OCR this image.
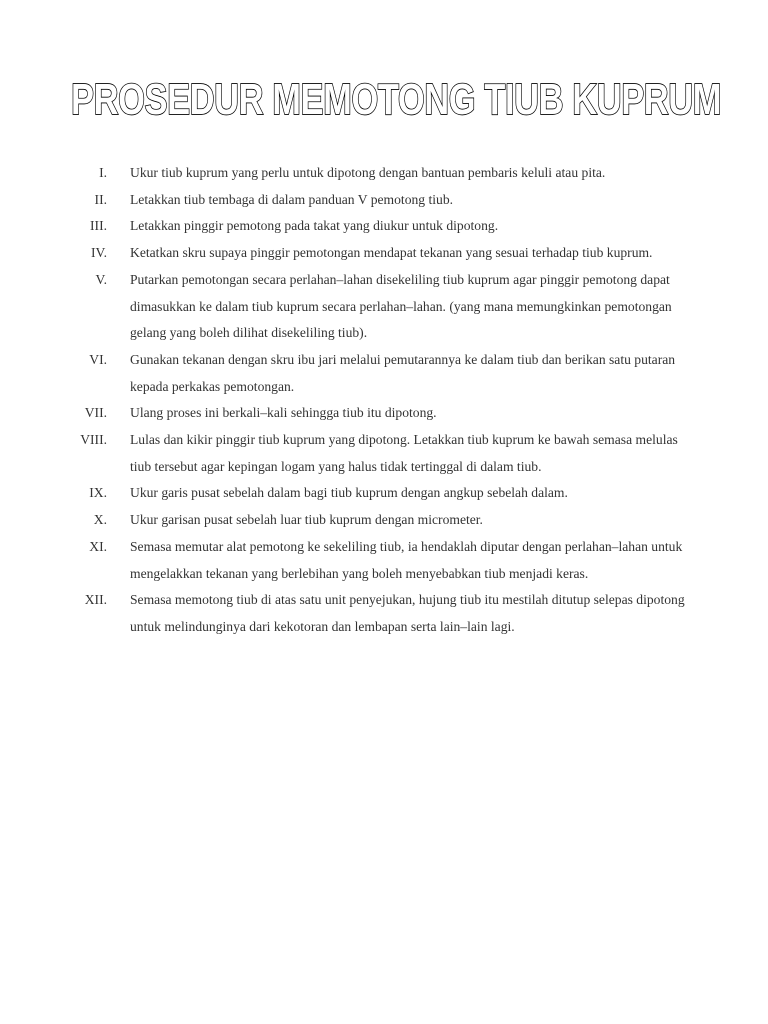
PROSEDUR MEMOTONG TIUB KUPRUM
I. Ukur tiub kuprum yang perlu untuk dipotong dengan bantuan pembaris keluli atau pita.
II. Letakkan tiub tembaga di dalam panduan V pemotong tiub.
III. Letakkan pinggir pemotong pada takat yang diukur untuk dipotong.
IV. Ketatkan skru supaya pinggir pemotongan mendapat tekanan yang sesuai terhadap tiub kuprum.
V. Putarkan pemotongan secara perlahan–lahan disekeliling tiub kuprum agar pinggir pemotong dapat dimasukkan ke dalam tiub kuprum secara perlahan–lahan. (yang mana memungkinkan pemotongan gelang yang boleh dilihat disekeliling tiub).
VI. Gunakan tekanan dengan skru ibu jari melalui pemutarannya ke dalam tiub dan berikan satu putaran kepada perkakas pemotongan.
VII. Ulang proses ini berkali–kali sehingga tiub itu dipotong.
VIII. Lulas dan kikir pinggir tiub kuprum yang dipotong. Letakkan tiub kuprum ke bawah semasa melulas tiub tersebut agar kepingan logam yang halus tidak tertinggal di dalam tiub.
IX. Ukur garis pusat sebelah dalam bagi tiub kuprum dengan angkup sebelah dalam.
X. Ukur garisan pusat sebelah luar tiub kuprum dengan micrometer.
XI. Semasa memutar alat pemotong ke sekeliling tiub, ia hendaklah diputar dengan perlahan–lahan untuk mengelakkan tekanan yang berlebihan yang boleh menyebabkan tiub menjadi keras.
XII. Semasa memotong tiub di atas satu unit penyejukan, hujung tiub itu mestilah ditutup selepas dipotong untuk melindunginya dari kekotoran dan lembapan serta lain–lain lagi.
